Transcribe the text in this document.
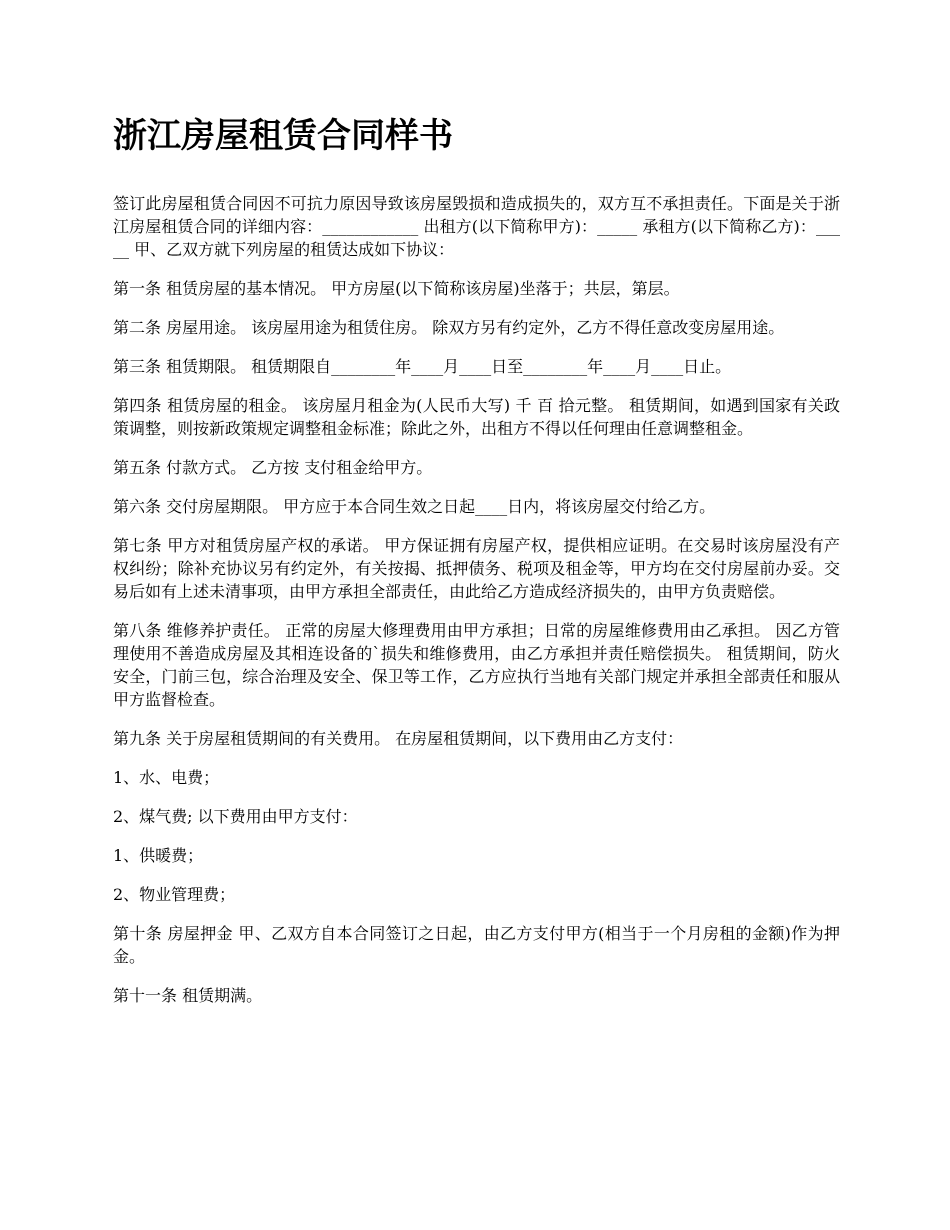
浙江房屋租赁合同样书

签订此房屋租赁合同因不可抗力原因导致该房屋毁损和造成损失的，双方互不承担责任。下面是关于浙江房屋租赁合同的详细内容：____________ 出租方(以下简称甲方)：_____ 承租方(以下简称乙方)：_____ 甲、乙双方就下列房屋的租赁达成如下协议：

第一条 租赁房屋的基本情况。 甲方房屋(以下简称该房屋)坐落于；共层，第层。

第二条 房屋用途。 该房屋用途为租赁住房。 除双方另有约定外，乙方不得任意改变房屋用途。

第三条 租赁期限。 租赁期限自________年____月____日至________年____月____日止。

第四条 租赁房屋的租金。 该房屋月租金为(人民币大写) 千 百 拾元整。 租赁期间，如遇到国家有关政策调整，则按新政策规定调整租金标准；除此之外，出租方不得以任何理由任意调整租金。

第五条 付款方式。 乙方按 支付租金给甲方。

第六条 交付房屋期限。 甲方应于本合同生效之日起____日内，将该房屋交付给乙方。

第七条 甲方对租赁房屋产权的承诺。 甲方保证拥有房屋产权，提供相应证明。在交易时该房屋没有产权纠纷；除补充协议另有约定外，有关按揭、抵押债务、税项及租金等，甲方均在交付房屋前办妥。交易后如有上述未清事项，由甲方承担全部责任，由此给乙方造成经济损失的，由甲方负责赔偿。

第八条 维修养护责任。 正常的房屋大修理费用由甲方承担；日常的房屋维修费用由乙承担。 因乙方管理使用不善造成房屋及其相连设备的`损失和维修费用，由乙方承担并责任赔偿损失。 租赁期间，防火安全，门前三包，综合治理及安全、保卫等工作，乙方应执行当地有关部门规定并承担全部责任和服从甲方监督检查。

第九条 关于房屋租赁期间的有关费用。 在房屋租赁期间，以下费用由乙方支付：

1、水、电费；

2、煤气费; 以下费用由甲方支付：

1、供暖费；

2、物业管理费；

第十条 房屋押金 甲、乙双方自本合同签订之日起，由乙方支付甲方(相当于一个月房租的金额)作为押金。

第十一条 租赁期满。
